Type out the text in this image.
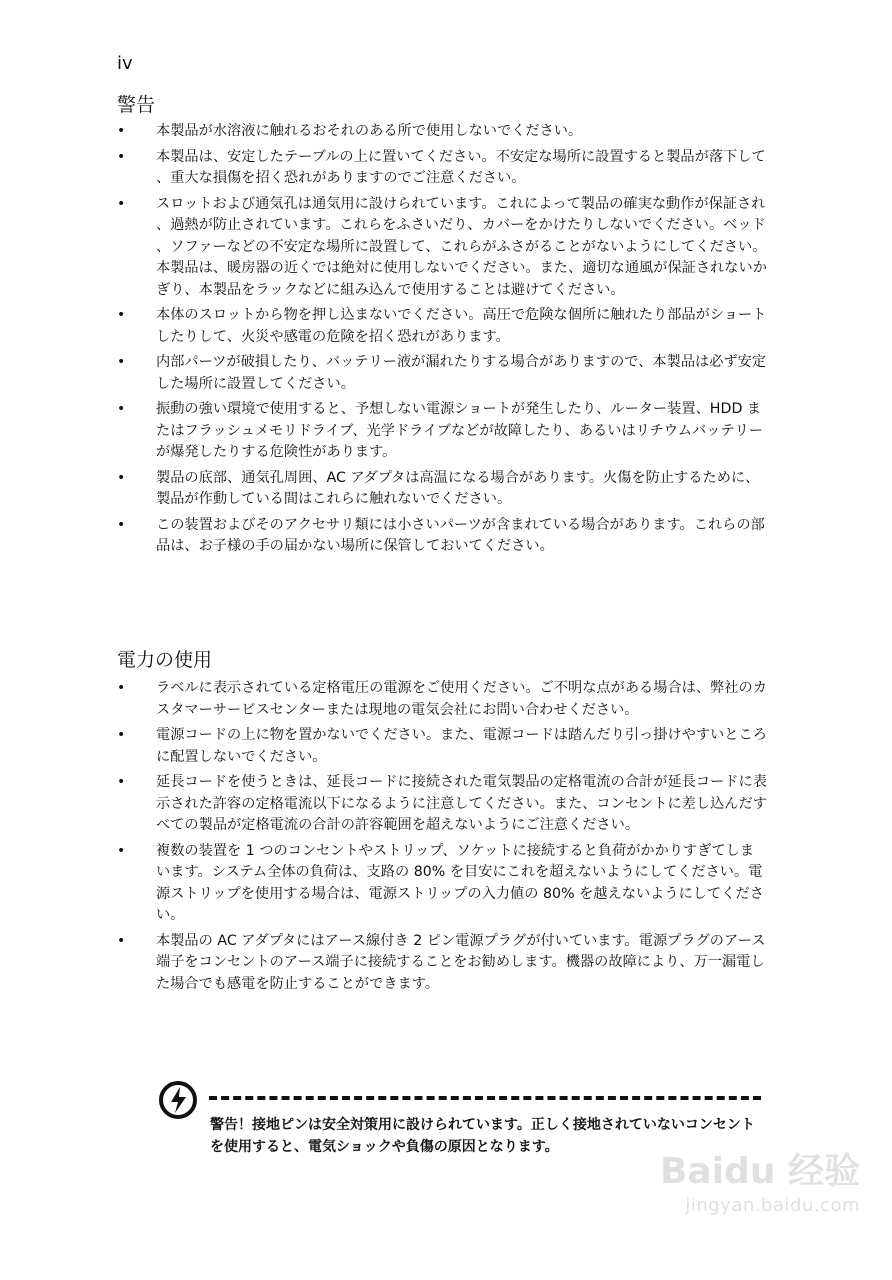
iv
警告
• 本製品が水溶液に触れるおそれのある所で使用しないでください。
• 本製品は、安定したテーブルの上に置いてください。不安定な場所に設置すると製品が落下して、重大な損傷を招く恐れがありますのでご注意ください。
• スロットおよび通気孔は通気用に設けられています。これによって製品の確実な動作が保証され、過熱が防止されています。これらをふさいだり、カバーをかけたりしないでください。ベッド、ソファーなどの不安定な場所に設置して、これらがふさがることがないようにしてください。本製品は、暖房器の近くでは絶対に使用しないでください。また、適切な通風が保証されないかぎり、本製品をラックなどに組み込んで使用することは避けてください。
• 本体のスロットから物を押し込まないでください。高圧で危険な個所に触れたり部品がショートしたりして、火災や感電の危険を招く恐れがあります。
• 内部パーツが破損したり、バッテリー液が漏れたりする場合がありますので、本製品は必ず安定した場所に設置してください。
• 振動の強い環境で使用すると、予想しない電源ショートが発生したり、ルーター装置、HDD またはフラッシュメモリドライブ、光学ドライブなどが故障したり、あるいはリチウムバッテリーが爆発したりする危険性があります。
• 製品の底部、通気孔周囲、AC アダプタは高温になる場合があります。火傷を防止するために、製品が作動している間はこれらに触れないでください。
• この装置およびそのアクセサリ類には小さいパーツが含まれている場合があります。これらの部品は、お子様の手の届かない場所に保管しておいてください。
電力の使用
• ラベルに表示されている定格電圧の電源をご使用ください。ご不明な点がある場合は、弊社のカスタマーサービスセンターまたは現地の電気会社にお問い合わせください。
• 電源コードの上に物を置かないでください。また、電源コードは踏んだり引っ掛けやすいところに配置しないでください。
• 延長コードを使うときは、延長コードに接続された電気製品の定格電流の合計が延長コードに表示された許容の定格電流以下になるように注意してください。また、コンセントに差し込んだすべての製品が定格電流の合計の許容範囲を超えないようにご注意ください。
• 複数の装置を 1 つのコンセントやストリップ、ソケットに接続すると負荷がかかりすぎてしまいます。システム全体の負荷は、支路の 80% を目安にこれを超えないようにしてください。電源ストリップを使用する場合は、電源ストリップの入力値の 80% を越えないようにしてください。
• 本製品の AC アダプタにはアース線付き 2 ピン電源プラグが付いています。電源プラグのアース端子をコンセントのアース端子に接続することをお勧めします。機器の故障により、万一漏電した場合でも感電を防止することができます。
警告！接地ピンは安全対策用に設けられています。正しく接地されていないコンセントを使用すると、電気ショックや負傷の原因となります。
Baidu 经验
jingyan.baidu.com
